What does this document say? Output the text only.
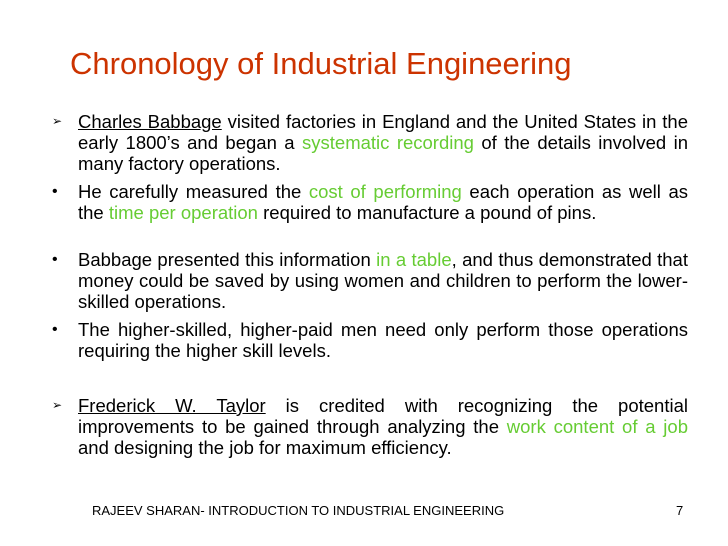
Chronology of Industrial Engineering
➢ Charles Babbage visited factories in England and the United States in the early 1800’s and began a systematic recording of the details involved in many factory operations.
•	He carefully measured the cost of performing each operation as well as the time per operation required to manufacture a pound of pins.
•	Babbage presented this information in a table, and thus demonstrated that money could be saved by using women and children to perform the lower-skilled operations.
•	The higher-skilled, higher-paid men need only perform those operations requiring the higher skill levels.
➢ Frederick W. Taylor is credited with recognizing the potential improvements to be gained through analyzing the work content of a job and designing the job for maximum efficiency.
RAJEEV SHARAN- INTRODUCTION TO INDUSTRIAL ENGINEERING	7
